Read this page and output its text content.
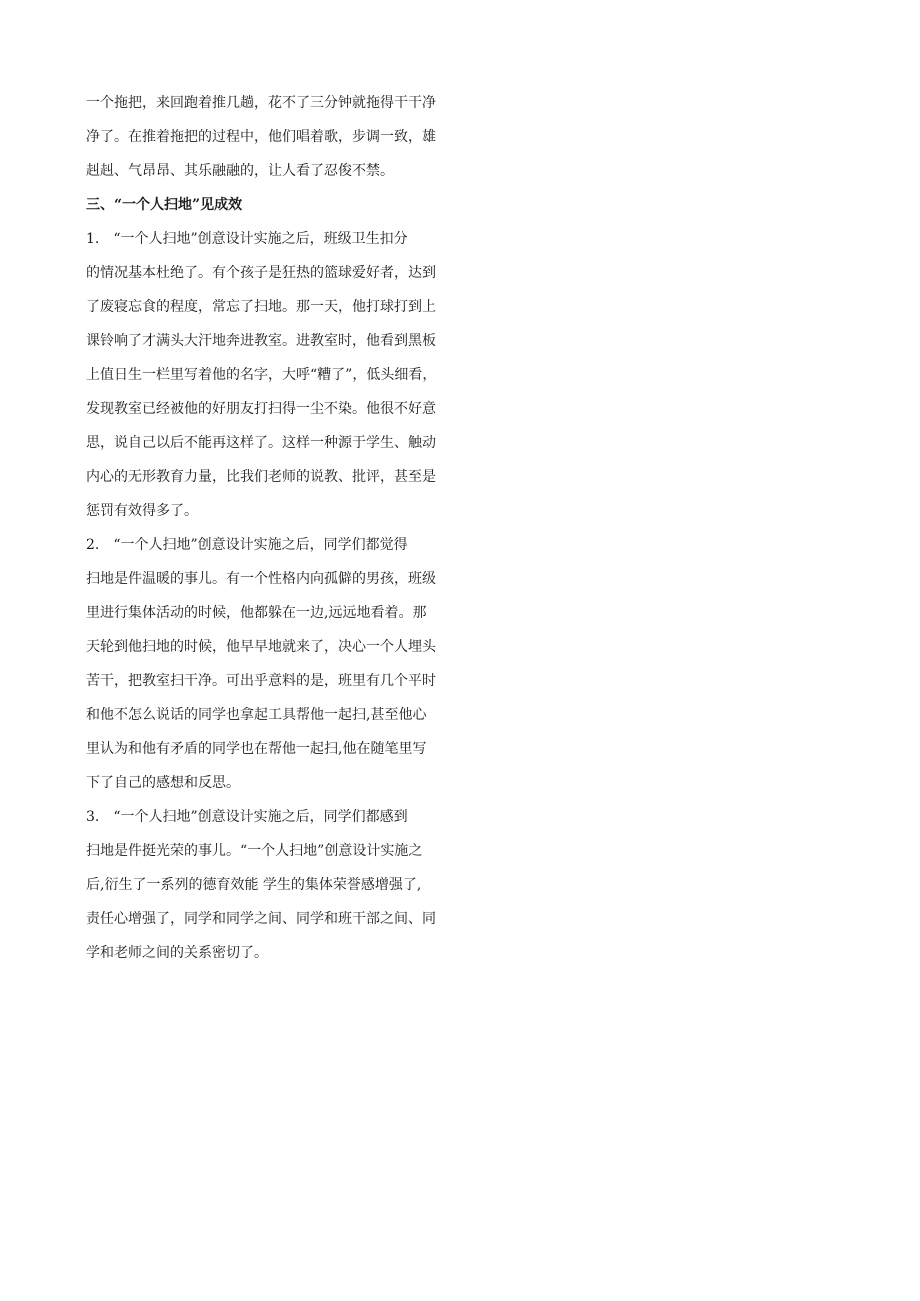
一个拖把，来回跑着推几趟，花不了三分钟就拖得干干净
净了。在推着拖把的过程中，他们唱着歌，步调一致，雄
赳赳、气昂昂、其乐融融的，让人看了忍俊不禁。
三、“一个人扫地”见成效
1.　“一个人扫地”创意设计实施之后，班级卫生扣分
的情况基本杜绝了。有个孩子是狂热的篮球爱好者，达到
了废寝忘食的程度，常忘了扫地。那一天，他打球打到上
课铃响了才满头大汗地奔进教室。进教室时，他看到黑板
上值日生一栏里写着他的名字，大呼“糟了”，低头细看，
发现教室已经被他的好朋友打扫得一尘不染。他很不好意
思，说自己以后不能再这样了。这样一种源于学生、触动
内心的无形教育力量，比我们老师的说教、批评，甚至是
惩罚有效得多了。
2.　“一个人扫地”创意设计实施之后，同学们都觉得
扫地是件温暖的事儿。有一个性格内向孤僻的男孩，班级
里进行集体活动的时候，他都躲在一边,远远地看着。那
天轮到他扫地的时候，他早早地就来了，决心一个人埋头
苦干，把教室扫干净。可出乎意料的是，班里有几个平时
和他不怎么说话的同学也拿起工具帮他一起扫,甚至他心
里认为和他有矛盾的同学也在帮他一起扫,他在随笔里写
下了自己的感想和反思。
3.　“一个人扫地”创意设计实施之后，同学们都感到
扫地是件挺光荣的事儿。“一个人扫地”创意设计实施之
后,衍生了一系列的德育效能 学生的集体荣誉感增强了,
责任心增强了，同学和同学之间、同学和班干部之间、同
学和老师之间的关系密切了。
